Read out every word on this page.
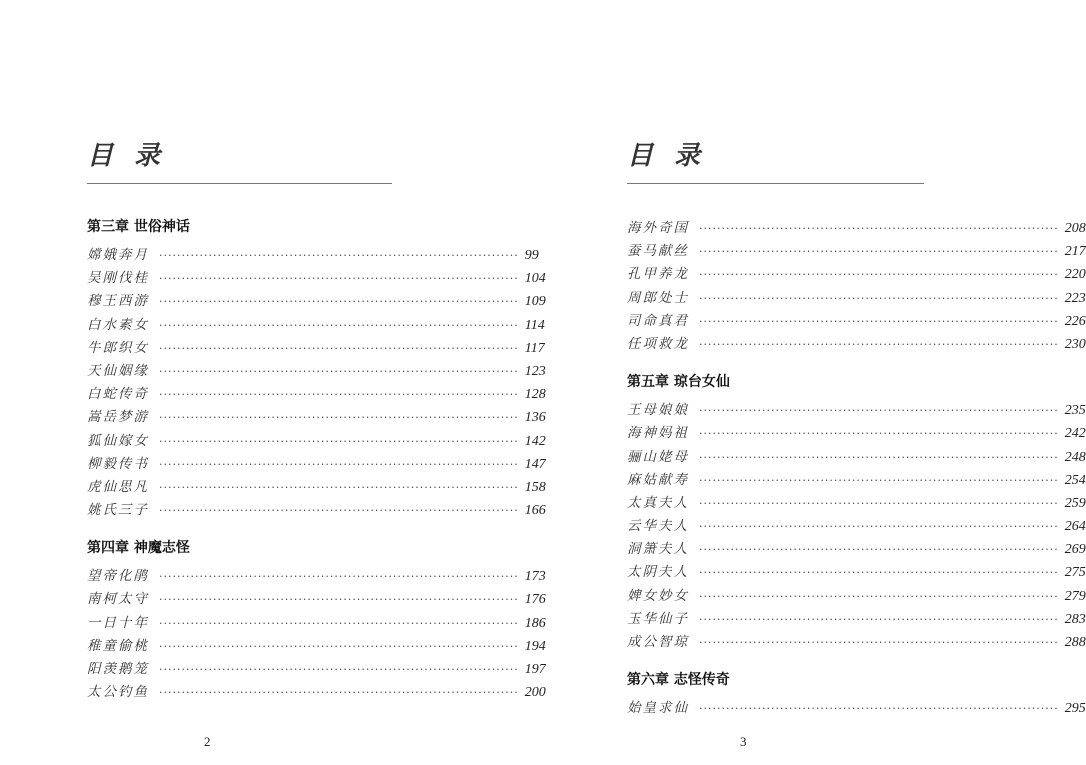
目 录
第三章 世俗神话
嫦娥奔月 ················································································ 99
吴刚伐桂 ················································································ 104
穆王西游 ················································································ 109
白水素女 ················································································ 114
牛郎织女 ················································································ 117
天仙姻缘 ················································································ 123
白蛇传奇 ················································································ 128
嵩岳梦游 ················································································ 136
狐仙嫁女 ················································································ 142
柳毅传书 ················································································ 147
虎仙思凡 ················································································ 158
姚氏三子 ················································································ 166
第四章 神魔志怪
望帝化鹃 ················································································ 173
南柯太守 ················································································ 176
一日十年 ················································································ 186
稚童偷桃 ················································································ 194
阳羡鹅笼 ················································································ 197
太公钓鱼 ················································································ 200
2
目 录
海外奇国 ················································································ 208
蚕马献丝 ················································································ 217
孔甲养龙 ················································································ 220
周郎处士 ················································································ 223
司命真君 ················································································ 226
任项救龙 ················································································ 230
第五章 琼台女仙
王母娘娘 ················································································ 235
海神妈祖 ················································································ 242
骊山姥母 ················································································ 248
麻姑献寿 ················································································ 254
太真夫人 ················································································ 259
云华夫人 ················································································ 264
洞箫夫人 ················································································ 269
太阴夫人 ················································································ 275
婢女妙女 ················································································ 279
玉华仙子 ················································································ 283
成公智琼 ················································································ 288
第六章 志怪传奇
始皇求仙 ················································································ 295
3
